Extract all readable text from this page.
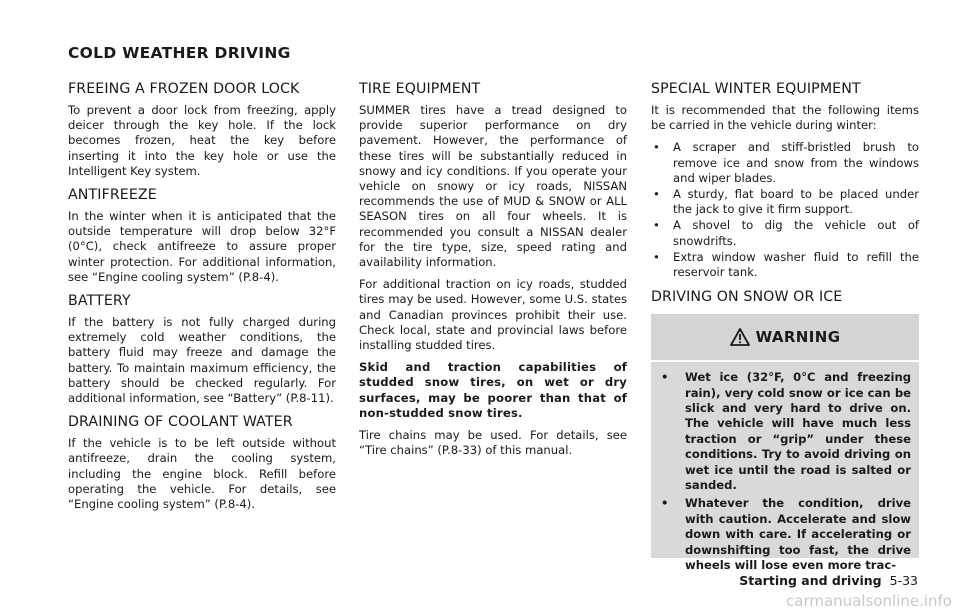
COLD WEATHER DRIVING
FREEING A FROZEN DOOR LOCK

To prevent a door lock from freezing, apply deicer through the key hole. If the lock becomes frozen, heat the key before inserting it into the key hole or use the Intelligent Key system.

ANTIFREEZE

In the winter when it is anticipated that the outside temperature will drop below 32°F (0°C), check antifreeze to assure proper winter protection. For additional information, see “Engine cooling system” (P.8-4).

BATTERY

If the battery is not fully charged during extremely cold weather conditions, the battery fluid may freeze and damage the battery. To maintain maximum efficiency, the battery should be checked regularly. For additional information, see “Battery” (P.8-11).

DRAINING OF COOLANT WATER

If the vehicle is to be left outside without antifreeze, drain the cooling system, including the engine block. Refill before operating the vehicle. For details, see “Engine cooling system” (P.8-4).

TIRE EQUIPMENT

SUMMER tires have a tread designed to provide superior performance on dry pavement. However, the performance of these tires will be substantially reduced in snowy and icy conditions. If you operate your vehicle on snowy or icy roads, NISSAN recommends the use of MUD & SNOW or ALL SEASON tires on all four wheels. It is recommended you consult a NISSAN dealer for the tire type, size, speed rating and availability information.

For additional traction on icy roads, studded tires may be used. However, some U.S. states and Canadian provinces prohibit their use. Check local, state and provincial laws before installing studded tires.

Skid and traction capabilities of studded snow tires, on wet or dry surfaces, may be poorer than that of non-studded snow tires.

Tire chains may be used. For details, see “Tire chains” (P.8-33) of this manual.

SPECIAL WINTER EQUIPMENT

It is recommended that the following items be carried in the vehicle during winter:

• A scraper and stiff-bristled brush to remove ice and snow from the windows and wiper blades.
• A sturdy, flat board to be placed under the jack to give it firm support.
• A shovel to dig the vehicle out of snowdrifts.
• Extra window washer fluid to refill the reservoir tank.
DRIVING ON SNOW OR ICE
WARNING
• Wet ice (32°F, 0°C and freezing rain), very cold snow or ice can be slick and very hard to drive on. The vehicle will have much less traction or “grip” under these conditions. Try to avoid driving on wet ice until the road is salted or sanded.
• Whatever the condition, drive with caution. Accelerate and slow down with care. If accelerating or downshifting too fast, the drive wheels will lose even more trac-
Starting and driving 5-33
carmanualsonline.info
